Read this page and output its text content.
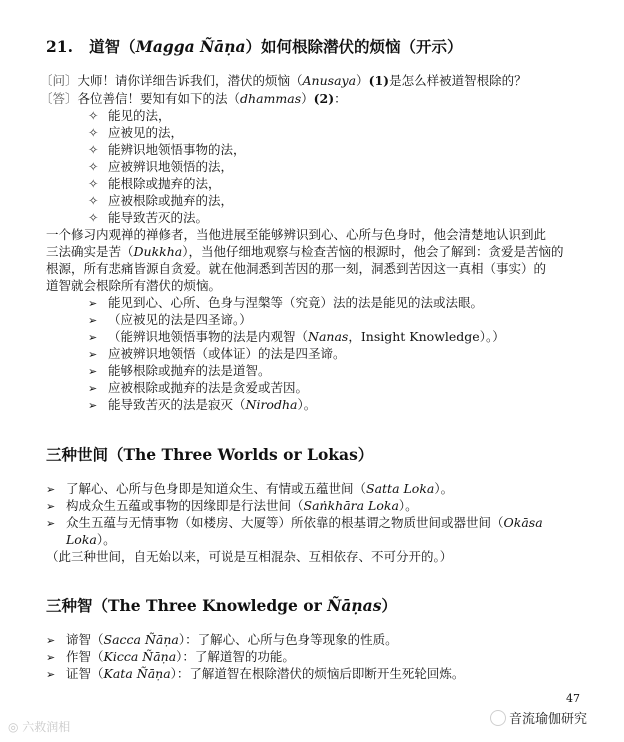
21. 道智（Magga Ñāṇa）如何根除潜伏的烦恼（开示）
〔问〕大师！请你详细告诉我们，潜伏的烦恼（Anusaya）(1)是怎么样被道智根除的？
〔答〕各位善信！要知有如下的法（dhammas）(2)：
✧ 能见的法，
✧ 应被见的法，
✧ 能辨识地领悟事物的法，
✧ 应被辨识地领悟的法，
✧ 能根除或抛弃的法，
✧ 应被根除或抛弃的法，
✧ 能导致苦灭的法。
一个修习内观禅的禅修者，当他进展至能够辨识到心、心所与色身时，他会清楚地认识到此
三法确实是苦（Dukkha），当他仔细地观察与检查苦恼的根源时，他会了解到：贪爱是苦恼的
根源，所有悲痛皆源自贪爱。就在他洞悉到苦因的那一刻，洞悉到苦因这一真相（事实）的
道智就会根除所有潜伏的烦恼。
➢ 能见到心、心所、色身与涅槃等（究竟）法的法是能见的法或法眼。
➢ （应被见的法是四圣谛。）
➢ （能辨识地领悟事物的法是内观智（Nanas，Insight Knowledge）。）
➢ 应被辨识地领悟（或体证）的法是四圣谛。
➢ 能够根除或抛弃的法是道智。
➢ 应被根除或抛弃的法是贪爱或苦因。
➢ 能导致苦灭的法是寂灭（Nirodha）。
三种世间（The Three Worlds or Lokas）
➢ 了解心、心所与色身即是知道众生、有情或五蕴世间（Satta Loka）。
➢ 构成众生五蕴或事物的因缘即是行法世间（Saṅkhāra Loka）。
➢ 众生五蕴与无情事物（如楼房、大厦等）所依靠的根基谓之物质世间或器世间（Okāsa
Loka）。
（此三种世间，自无始以来，可说是互相混杂、互相依存、不可分开的。）
三种智（The Three Knowledge or Ñāṇas）
➢ 谛智（Sacca Ñāṇa）：了解心、心所与色身等现象的性质。
➢ 作智（Kicca Ñāṇa）：了解道智的功能。
➢ 证智（Kata Ñāṇa）：了解道智在根除潜伏的烦恼后即断开生死轮回炼。
47
◎ 六救润相	音流瑜伽研究
